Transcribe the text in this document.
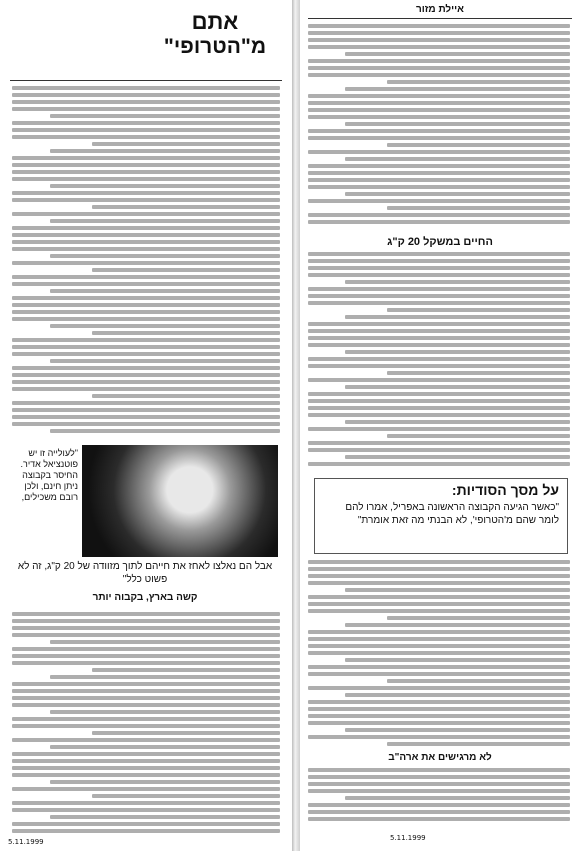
אתם
מ"הטרופי"
"לעולייה זו יש פוטנציאל אדיר. החיסר בקבוצה ניתן חינם, ולכן רובם משכילים,
אבל הם נאלצו לאחז את חייהם לתוך מזוודה של 20 ק"ג, זה לא פשוט כלל"
קשה בארץ, בקבוה יותר
5.11.1999
איילת מזור
החיים במשקל 20 ק"ג
על מסך הסודיות:
"כאשר הגיעה הקבוצה הראשונה באפריל, אמרו להם לומר שהם מ'הטרופי', לא הבנתי מה זאת אומרת"
לא מרגישים את ארה"ב
5.11.1999
